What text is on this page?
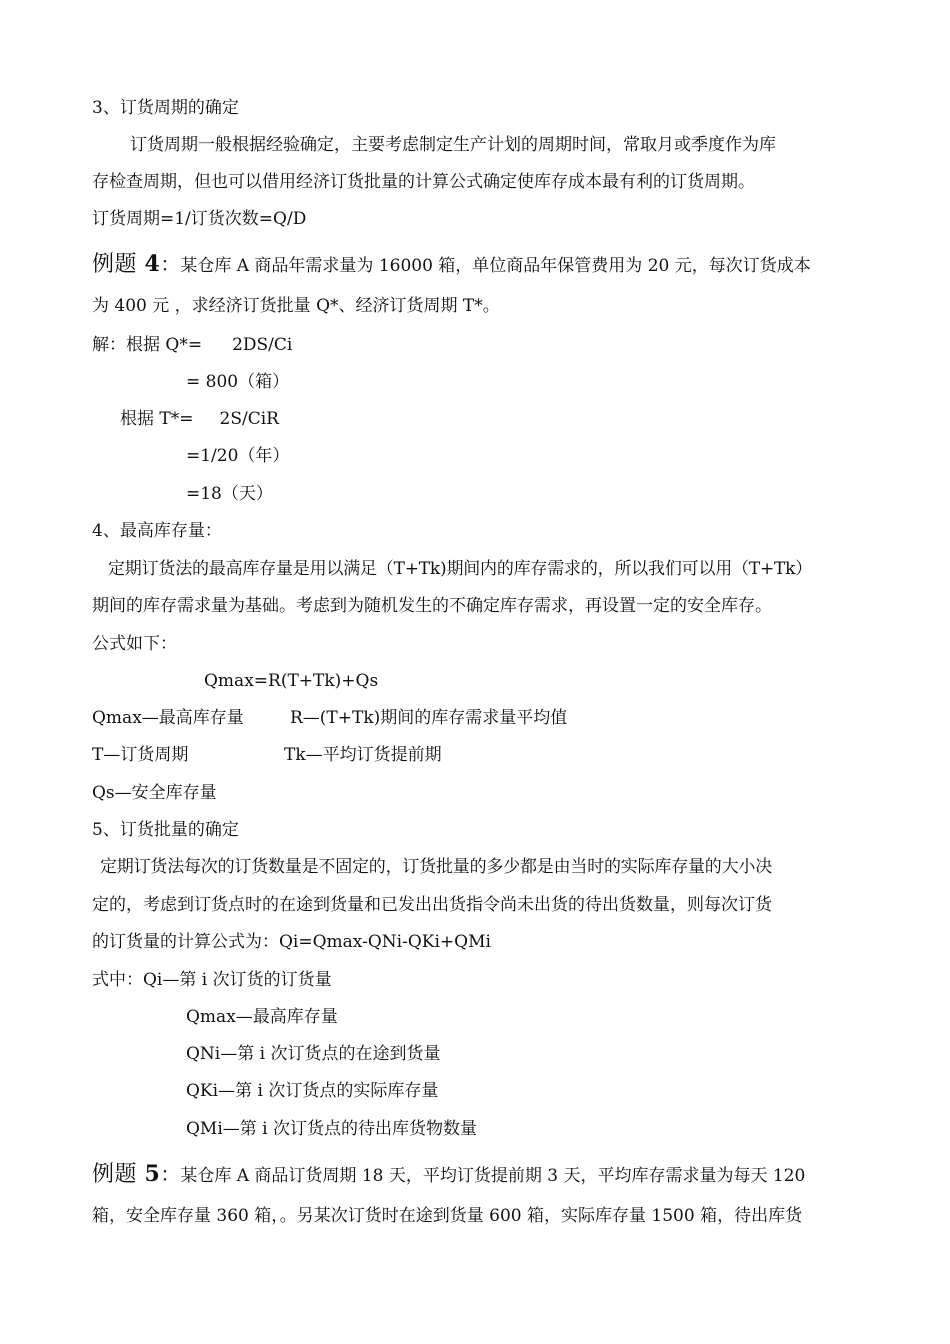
3、订货周期的确定
订货周期一般根据经验确定，主要考虑制定生产计划的周期时间，常取月或季度作为库
存检查周期，但也可以借用经济订货批量的计算公式确定使库存成本最有利的订货周期。
订货周期=1/订货次数=Q/D
例题 4：某仓库 A 商品年需求量为 16000 箱，单位商品年保管费用为 20 元，每次订货成本
为 400 元 ，求经济订货批量 Q*、经济订货周期 T*。
解：根据 Q*= 2DS/Ci
= 800（箱）
根据 T*= 2S/CiR
=1/20（年）
=18（天）
4、最高库存量：
定期订货法的最高库存量是用以满足（T+Tk)期间内的库存需求的，所以我们可以用（T+Tk）
期间的库存需求量为基础。考虑到为随机发生的不确定库存需求，再设置一定的安全库存。
公式如下：
Qmax=R(T+Tk)+Qs
Qmax—最高库存量	R—(T+Tk)期间的库存需求量平均值
T—订货周期	Tk—平均订货提前期
Qs—安全库存量
5、订货批量的确定
定期订货法每次的订货数量是不固定的，订货批量的多少都是由当时的实际库存量的大小决
定的，考虑到订货点时的在途到货量和已发出出货指令尚未出货的待出货数量，则每次订货
的订货量的计算公式为：Qi=Qmax-QNi-QKi+QMi
式中：Qi—第 i 次订货的订货量
Qmax—最高库存量
QNi—第 i 次订货点的在途到货量
QKi—第 i 次订货点的实际库存量
QMi—第 i 次订货点的待出库货物数量
例题 5：某仓库 A 商品订货周期 18 天，平均订货提前期 3 天，平均库存需求量为每天 120
箱，安全库存量 360 箱，。另某次订货时在途到货量 600 箱，实际库存量 1500 箱，待出库货
